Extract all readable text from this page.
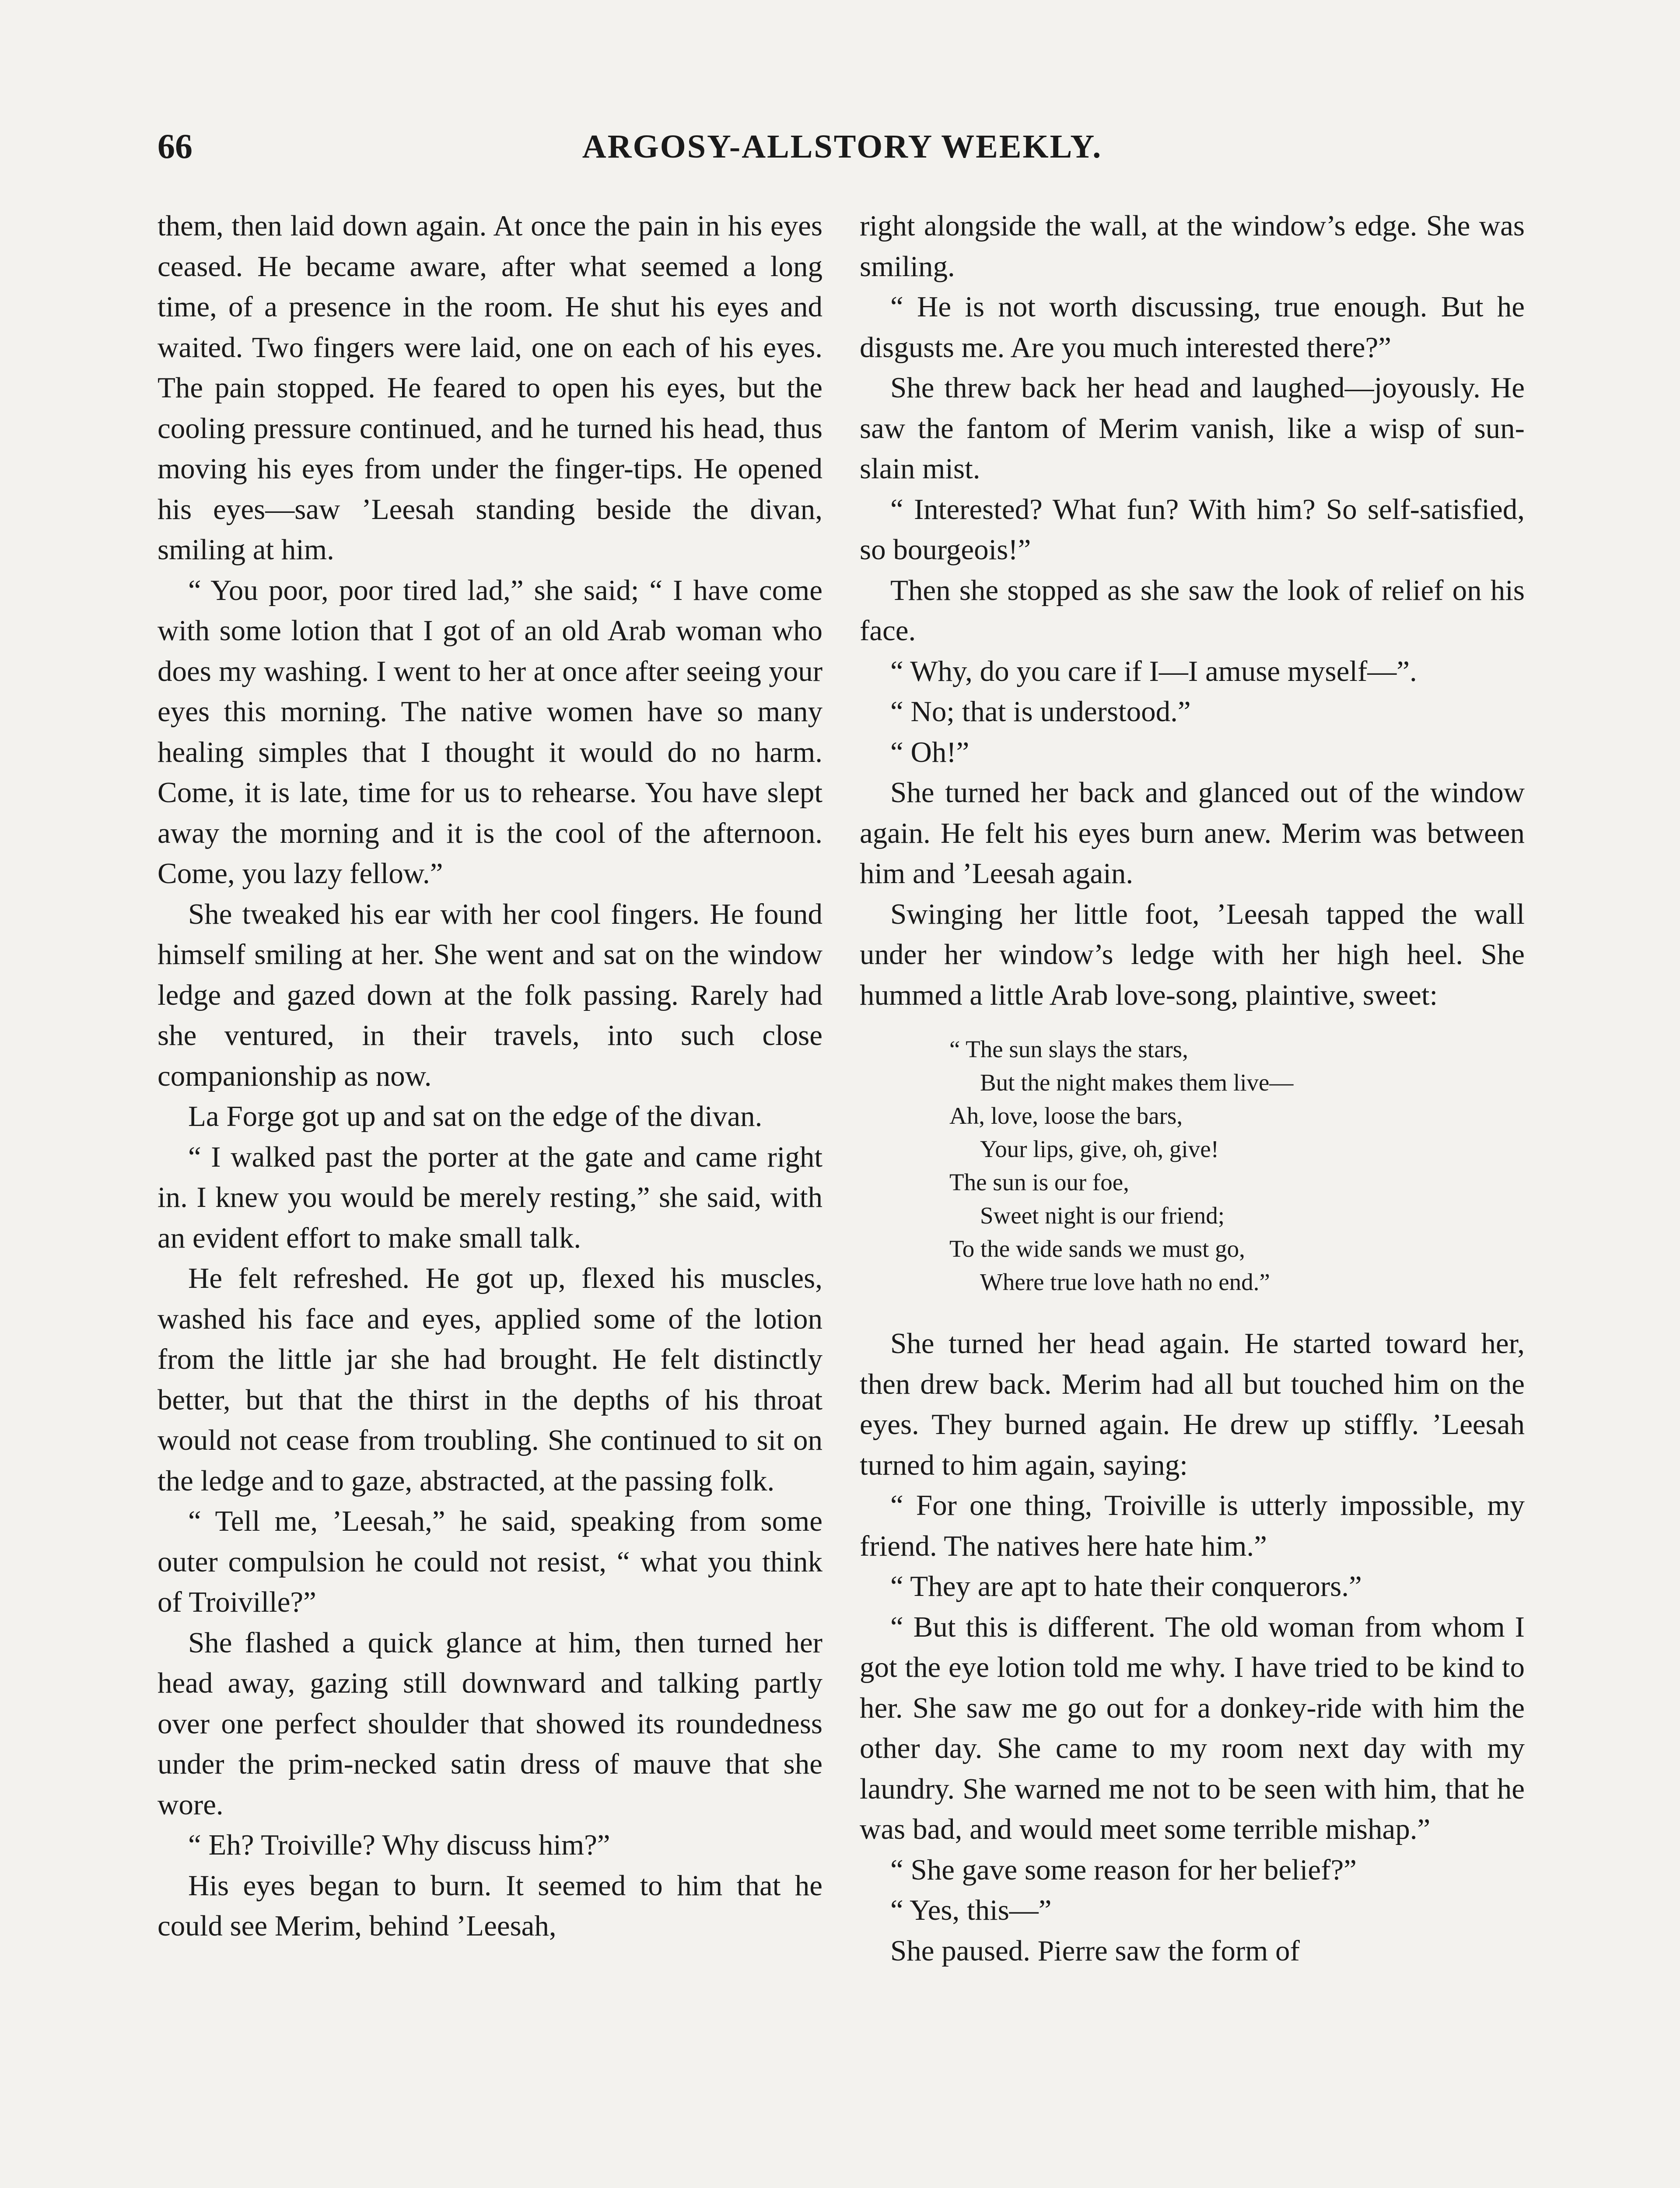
66	ARGOSY-ALLSTORY WEEKLY.

them, then laid down again. At once the pain in his eyes ceased. He became aware, after what seemed a long time, of a presence in the room. He shut his eyes and waited. Two fingers were laid, one on each of his eyes. The pain stopped. He feared to open his eyes, but the cooling pressure continued, and he turned his head, thus moving his eyes from under the finger-tips. He opened his eyes—saw ’Leesah standing beside the divan, smiling at him.

“ You poor, poor tired lad,” she said; “ I have come with some lotion that I got of an old Arab woman who does my washing. I went to her at once after seeing your eyes this morning. The native women have so many healing simples that I thought it would do no harm. Come, it is late, time for us to rehearse. You have slept away the morning and it is the cool of the afternoon. Come, you lazy fellow.”

She tweaked his ear with her cool fingers. He found himself smiling at her. She went and sat on the window ledge and gazed down at the folk passing. Rarely had she ventured, in their travels, into such close companionship as now.

La Forge got up and sat on the edge of the divan.

“ I walked past the porter at the gate and came right in. I knew you would be merely resting,” she said, with an evident effort to make small talk.

He felt refreshed. He got up, flexed his muscles, washed his face and eyes, applied some of the lotion from the little jar she had brought. He felt distinctly better, but that the thirst in the depths of his throat would not cease from troubling. She continued to sit on the ledge and to gaze, abstracted, at the passing folk.

“ Tell me, ’Leesah,” he said, speaking from some outer compulsion he could not resist, “ what you think of Troiville?”

She flashed a quick glance at him, then turned her head away, gazing still downward and talking partly over one perfect shoulder that showed its roundedness under the prim-necked satin dress of mauve that she wore.

“ Eh? Troiville? Why discuss him?”

His eyes began to burn. It seemed to him that he could see Merim, behind ’Leesah,

right alongside the wall, at the window’s edge. She was smiling.

“ He is not worth discussing, true enough. But he disgusts me. Are you much interested there?”

She threw back her head and laughed—joyously. He saw the fantom of Merim vanish, like a wisp of sun-slain mist.

“ Interested? What fun? With him? So self-satisfied, so bourgeois!”

Then she stopped as she saw the look of relief on his face.

“ Why, do you care if I—I amuse myself—”.

“ No; that is understood.”

“ Oh!”

She turned her back and glanced out of the window again. He felt his eyes burn anew. Merim was between him and ’Leesah again.

Swinging her little foot, ’Leesah tapped the wall under her window’s ledge with her high heel. She hummed a little Arab love-song, plaintive, sweet:

“ The sun slays the stars,
But the night makes them live—
Ah, love, loose the bars,
Your lips, give, oh, give!
The sun is our foe,
Sweet night is our friend;
To the wide sands we must go,
Where true love hath no end.”

She turned her head again. He started toward her, then drew back. Merim had all but touched him on the eyes. They burned again. He drew up stiffly. ’Leesah turned to him again, saying:

“ For one thing, Troiville is utterly impossible, my friend. The natives here hate him.”

“ They are apt to hate their conquerors.”

“ But this is different. The old woman from whom I got the eye lotion told me why. I have tried to be kind to her. She saw me go out for a donkey-ride with him the other day. She came to my room next day with my laundry. She warned me not to be seen with him, that he was bad, and would meet some terrible mishap.”

“ She gave some reason for her belief?”

“ Yes, this—”

She paused. Pierre saw the form of
